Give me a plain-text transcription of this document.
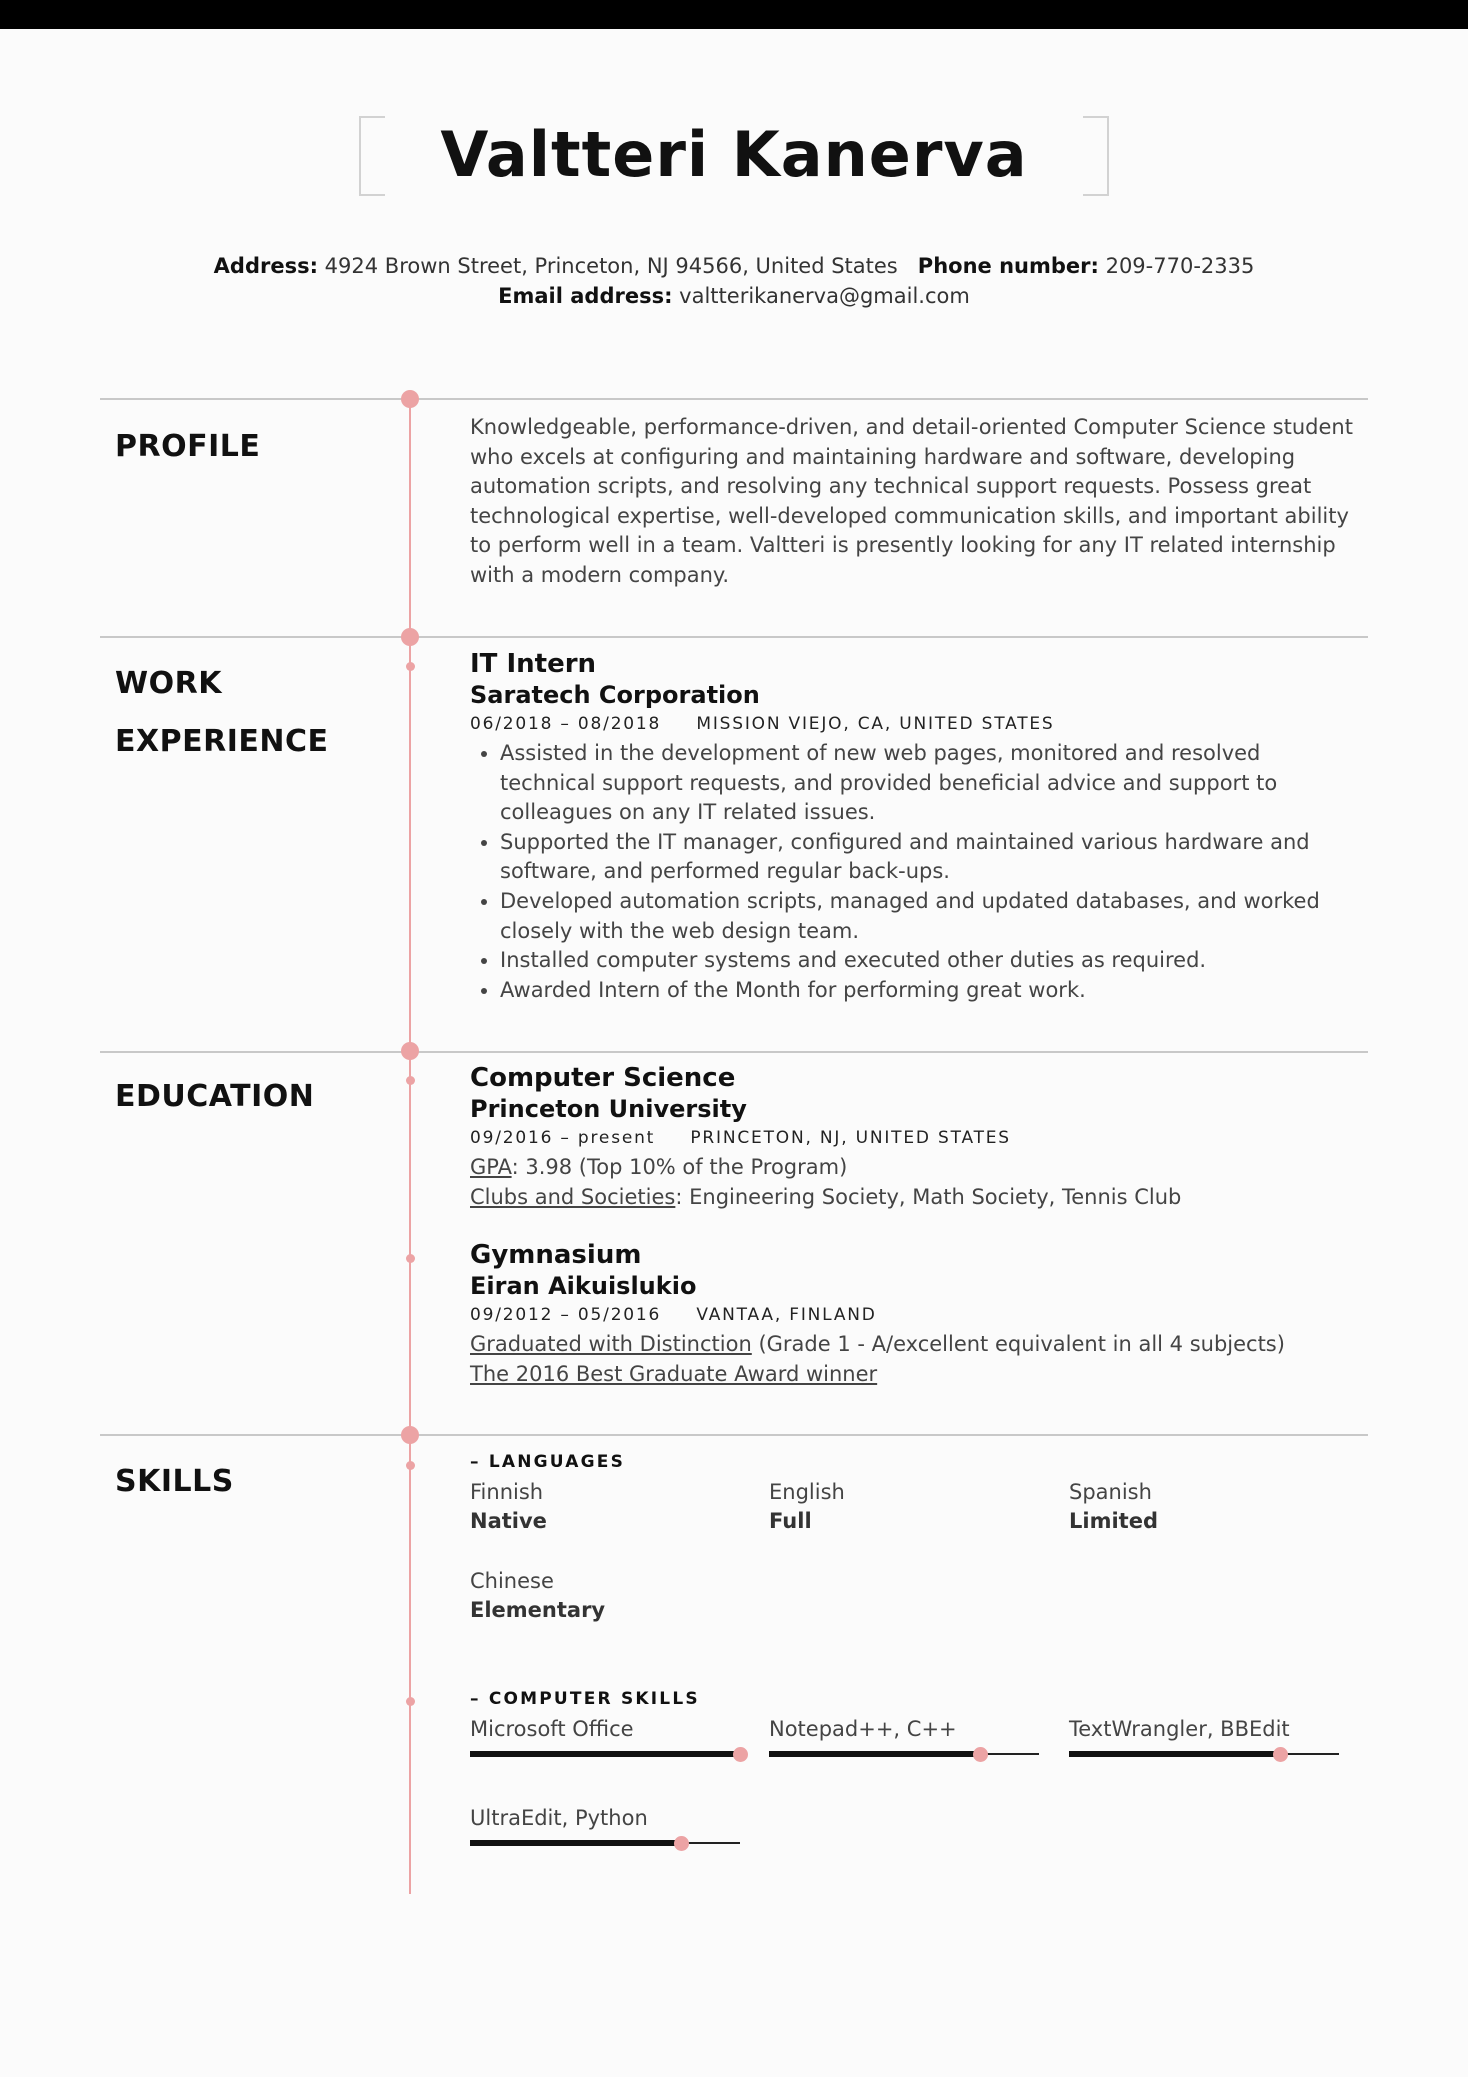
Valtteri Kanerva
Address: 4924 Brown Street, Princeton, NJ 94566, United States Phone number: 209-770-2335
Email address: valtterikanerva@gmail.com
PROFILE
Knowledgeable, performance-driven, and detail-oriented Computer Science student who excels at configuring and maintaining hardware and software, developing automation scripts, and resolving any technical support requests. Possess great technological expertise, well-developed communication skills, and important ability to perform well in a team. Valtteri is presently looking for any IT related internship with a modern company.
WORK
EXPERIENCE
IT Intern
Saratech Corporation
06/2018 – 08/2018 MISSION VIEJO, CA, UNITED STATES
• Assisted in the development of new web pages, monitored and resolved technical support requests, and provided beneficial advice and support to colleagues on any IT related issues.
• Supported the IT manager, configured and maintained various hardware and software, and performed regular back-ups.
• Developed automation scripts, managed and updated databases, and worked closely with the web design team.
• Installed computer systems and executed other duties as required.
• Awarded Intern of the Month for performing great work.
EDUCATION
Computer Science
Princeton University
09/2016 – present PRINCETON, NJ, UNITED STATES
GPA: 3.98 (Top 10% of the Program)
Clubs and Societies: Engineering Society, Math Society, Tennis Club
Gymnasium
Eiran Aikuislukio
09/2012 – 05/2016 VANTAA, FINLAND
Graduated with Distinction (Grade 1 - A/excellent equivalent in all 4 subjects)
The 2016 Best Graduate Award winner
SKILLS
– LANGUAGES
Finnish
Native
English
Full
Spanish
Limited
Chinese
Elementary
– COMPUTER SKILLS
Microsoft Office	Notepad++, C++	TextWrangler, BBEdit
UltraEdit, Python
